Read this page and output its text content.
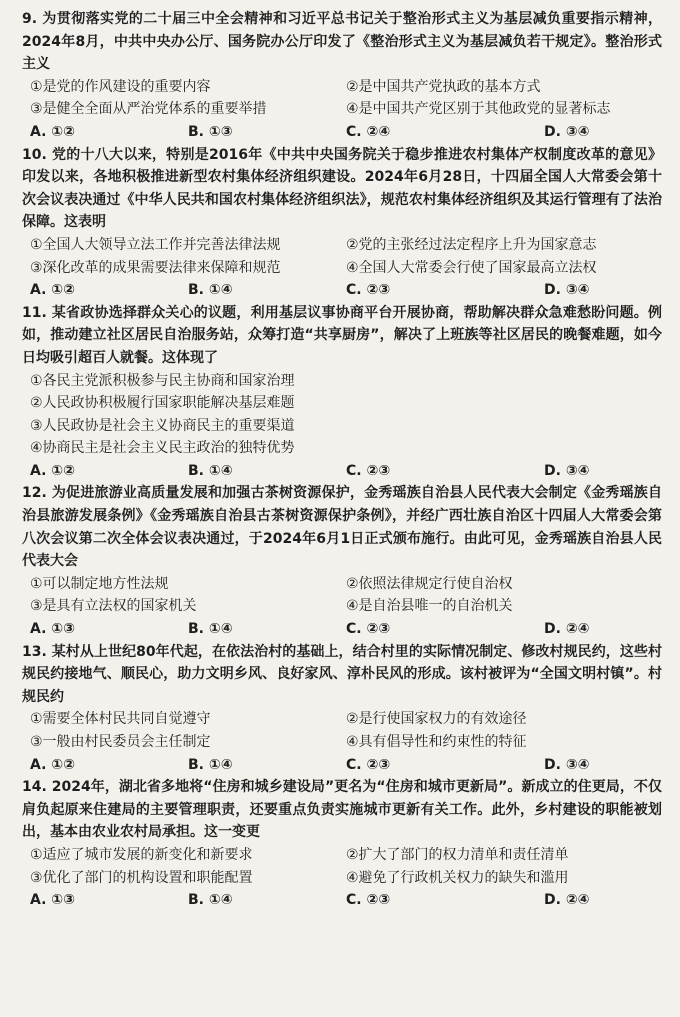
9. 为贯彻落实党的二十届三中全会精神和习近平总书记关于整治形式主义为基层减负重要指示精神，2024年8月，中共中央办公厅、国务院办公厅印发了《整治形式主义为基层减负若干规定》。整治形式主义
①是党的作风建设的重要内容	②是中国共产党执政的基本方式
③是健全全面从严治党体系的重要举措	④是中国共产党区别于其他政党的显著标志
A. ①②	B. ①③	C. ②④	D. ③④
10. 党的十八大以来，特别是2016年《中共中央国务院关于稳步推进农村集体产权制度改革的意见》印发以来，各地积极推进新型农村集体经济组织建设。2024年6月28日，十四届全国人大常委会第十次会议表决通过《中华人民共和国农村集体经济组织法》，规范农村集体经济组织及其运行管理有了法治保障。这表明
①全国人大领导立法工作并完善法律法规	②党的主张经过法定程序上升为国家意志
③深化改革的成果需要法律来保障和规范	④全国人大常委会行使了国家最高立法权
A. ①②	B. ①④	C. ②③	D. ③④
11. 某省政协选择群众关心的议题，利用基层议事协商平台开展协商，帮助解决群众急难愁盼问题。例如，推动建立社区居民自治服务站，众筹打造“共享厨房”，解决了上班族等社区居民的晚餐难题，如今日均吸引超百人就餐。这体现了
①各民主党派积极参与民主协商和国家治理
②人民政协积极履行国家职能解决基层难题
③人民政协是社会主义协商民主的重要渠道
④协商民主是社会主义民主政治的独特优势
A. ①②	B. ①④	C. ②③	D. ③④
12. 为促进旅游业高质量发展和加强古茶树资源保护，金秀瑶族自治县人民代表大会制定《金秀瑶族自治县旅游发展条例》《金秀瑶族自治县古茶树资源保护条例》，并经广西壮族自治区十四届人大常委会第八次会议第二次全体会议表决通过，于2024年6月1日正式颁布施行。由此可见，金秀瑶族自治县人民代表大会
①可以制定地方性法规	②依照法律规定行使自治权
③是具有立法权的国家机关	④是自治县唯一的自治机关
A. ①③	B. ①④	C. ②③	D. ②④
13. 某村从上世纪80年代起，在依法治村的基础上，结合村里的实际情况制定、修改村规民约，这些村规民约接地气、顺民心，助力文明乡风、良好家风、淳朴民风的形成。该村被评为“全国文明村镇”。村规民约
①需要全体村民共同自觉遵守	②是行使国家权力的有效途径
③一般由村民委员会主任制定	④具有倡导性和约束性的特征
A. ①②	B. ①④	C. ②③	D. ③④
14. 2024年，湖北省多地将“住房和城乡建设局”更名为“住房和城市更新局”。新成立的住更局，不仅肩负起原来住建局的主要管理职责，还要重点负责实施城市更新有关工作。此外，乡村建设的职能被划出，基本由农业农村局承担。这一变更
①适应了城市发展的新变化和新要求	②扩大了部门的权力清单和责任清单
③优化了部门的机构设置和职能配置	④避免了行政机关权力的缺失和滥用
A. ①③	B. ①④	C. ②③	D. ②④
